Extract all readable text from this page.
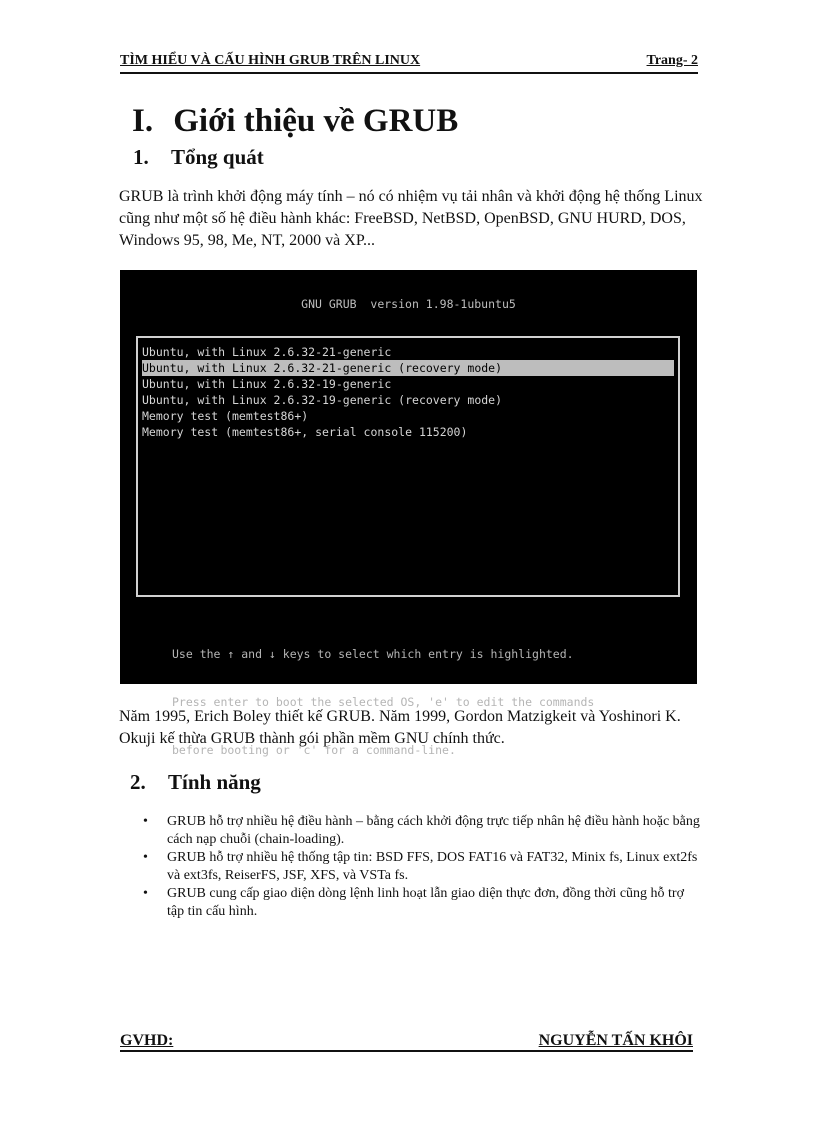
TÌM HIỂU VÀ CẤU HÌNH GRUB TRÊN LINUX	Trang- 2
I. Giới thiệu về GRUB
1. Tổng quát

GRUB là trình khởi động máy tính – nó có nhiệm vụ tải nhân và khởi động hệ thống Linux cũng như một số hệ điều hành khác: FreeBSD, NetBSD, OpenBSD, GNU HURD, DOS, Windows 95, 98, Me, NT, 2000 và XP...

GNU GRUB  version 1.98-1ubuntu5
Ubuntu, with Linux 2.6.32-21-generic
Ubuntu, with Linux 2.6.32-21-generic (recovery mode)
Ubuntu, with Linux 2.6.32-19-generic
Ubuntu, with Linux 2.6.32-19-generic (recovery mode)
Memory test (memtest86+)
Memory test (memtest86+, serial console 115200)

Use the ↑ and ↓ keys to select which entry is highlighted.

Press enter to boot the selected OS, 'e' to edit the commands

before booting or 'c' for a command-line.

Năm 1995, Erich Boley thiết kế GRUB. Năm 1999, Gordon Matzigkeit và Yoshinori K. Okuji kế thừa GRUB thành gói phần mềm GNU chính thức.

2. Tính năng
• GRUB hỗ trợ nhiều hệ điều hành – bằng cách khởi động trực tiếp nhân hệ điều hành hoặc bằng cách nạp chuỗi (chain-loading).
• GRUB hỗ trợ nhiều hệ thống tập tin: BSD FFS, DOS FAT16 và FAT32, Minix fs, Linux ext2fs và ext3fs, ReiserFS, JSF, XFS, và VSTa fs.
• GRUB cung cấp giao diện dòng lệnh linh hoạt lẫn giao diện thực đơn, đồng thời cũng hỗ trợ tập tin cấu hình.
GVHD:	NGUYỄN TẤN KHÔI
